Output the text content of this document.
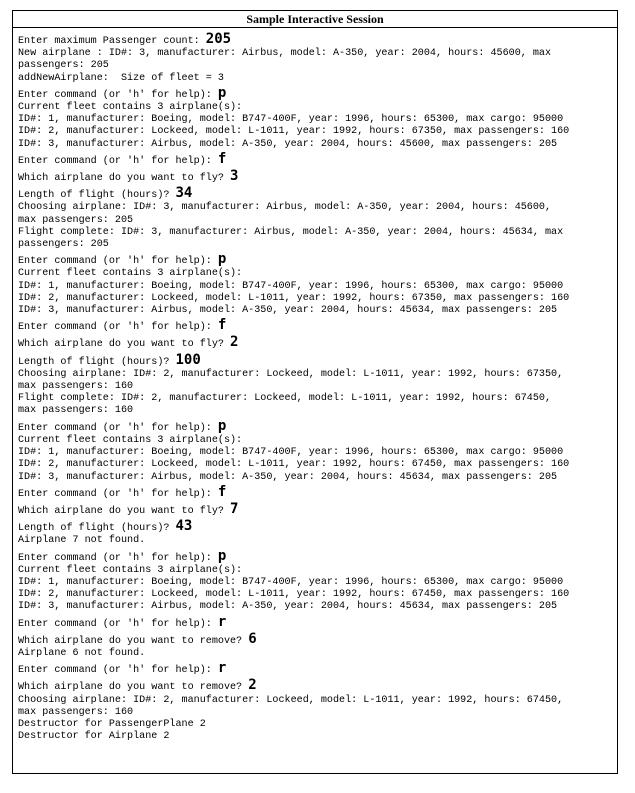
Sample Interactive Session
Enter maximum Passenger count: 205
New airplane : ID#: 3, manufacturer: Airbus, model: A-350, year: 2004, hours: 45600, max
passengers: 205
addNewAirplane:  Size of fleet = 3
Enter command (or 'h' for help): p
Current fleet contains 3 airplane(s):
ID#: 1, manufacturer: Boeing, model: B747-400F, year: 1996, hours: 65300, max cargo: 95000
ID#: 2, manufacturer: Lockeed, model: L-1011, year: 1992, hours: 67350, max passengers: 160
ID#: 3, manufacturer: Airbus, model: A-350, year: 2004, hours: 45600, max passengers: 205
Enter command (or 'h' for help): f
Which airplane do you want to fly? 3
Length of flight (hours)? 34
Choosing airplane: ID#: 3, manufacturer: Airbus, model: A-350, year: 2004, hours: 45600,
max passengers: 205
Flight complete: ID#: 3, manufacturer: Airbus, model: A-350, year: 2004, hours: 45634, max
passengers: 205
Enter command (or 'h' for help): p
Current fleet contains 3 airplane(s):
ID#: 1, manufacturer: Boeing, model: B747-400F, year: 1996, hours: 65300, max cargo: 95000
ID#: 2, manufacturer: Lockeed, model: L-1011, year: 1992, hours: 67350, max passengers: 160
ID#: 3, manufacturer: Airbus, model: A-350, year: 2004, hours: 45634, max passengers: 205
Enter command (or 'h' for help): f
Which airplane do you want to fly? 2
Length of flight (hours)? 100
Choosing airplane: ID#: 2, manufacturer: Lockeed, model: L-1011, year: 1992, hours: 67350,
max passengers: 160
Flight complete: ID#: 2, manufacturer: Lockeed, model: L-1011, year: 1992, hours: 67450,
max passengers: 160
Enter command (or 'h' for help): p
Current fleet contains 3 airplane(s):
ID#: 1, manufacturer: Boeing, model: B747-400F, year: 1996, hours: 65300, max cargo: 95000
ID#: 2, manufacturer: Lockeed, model: L-1011, year: 1992, hours: 67450, max passengers: 160
ID#: 3, manufacturer: Airbus, model: A-350, year: 2004, hours: 45634, max passengers: 205
Enter command (or 'h' for help): f
Which airplane do you want to fly? 7
Length of flight (hours)? 43
Airplane 7 not found.
Enter command (or 'h' for help): p
Current fleet contains 3 airplane(s):
ID#: 1, manufacturer: Boeing, model: B747-400F, year: 1996, hours: 65300, max cargo: 95000
ID#: 2, manufacturer: Lockeed, model: L-1011, year: 1992, hours: 67450, max passengers: 160
ID#: 3, manufacturer: Airbus, model: A-350, year: 2004, hours: 45634, max passengers: 205
Enter command (or 'h' for help): r
Which airplane do you want to remove? 6
Airplane 6 not found.
Enter command (or 'h' for help): r
Which airplane do you want to remove? 2
Choosing airplane: ID#: 2, manufacturer: Lockeed, model: L-1011, year: 1992, hours: 67450,
max passengers: 160
Destructor for PassengerPlane 2
Destructor for Airplane 2
